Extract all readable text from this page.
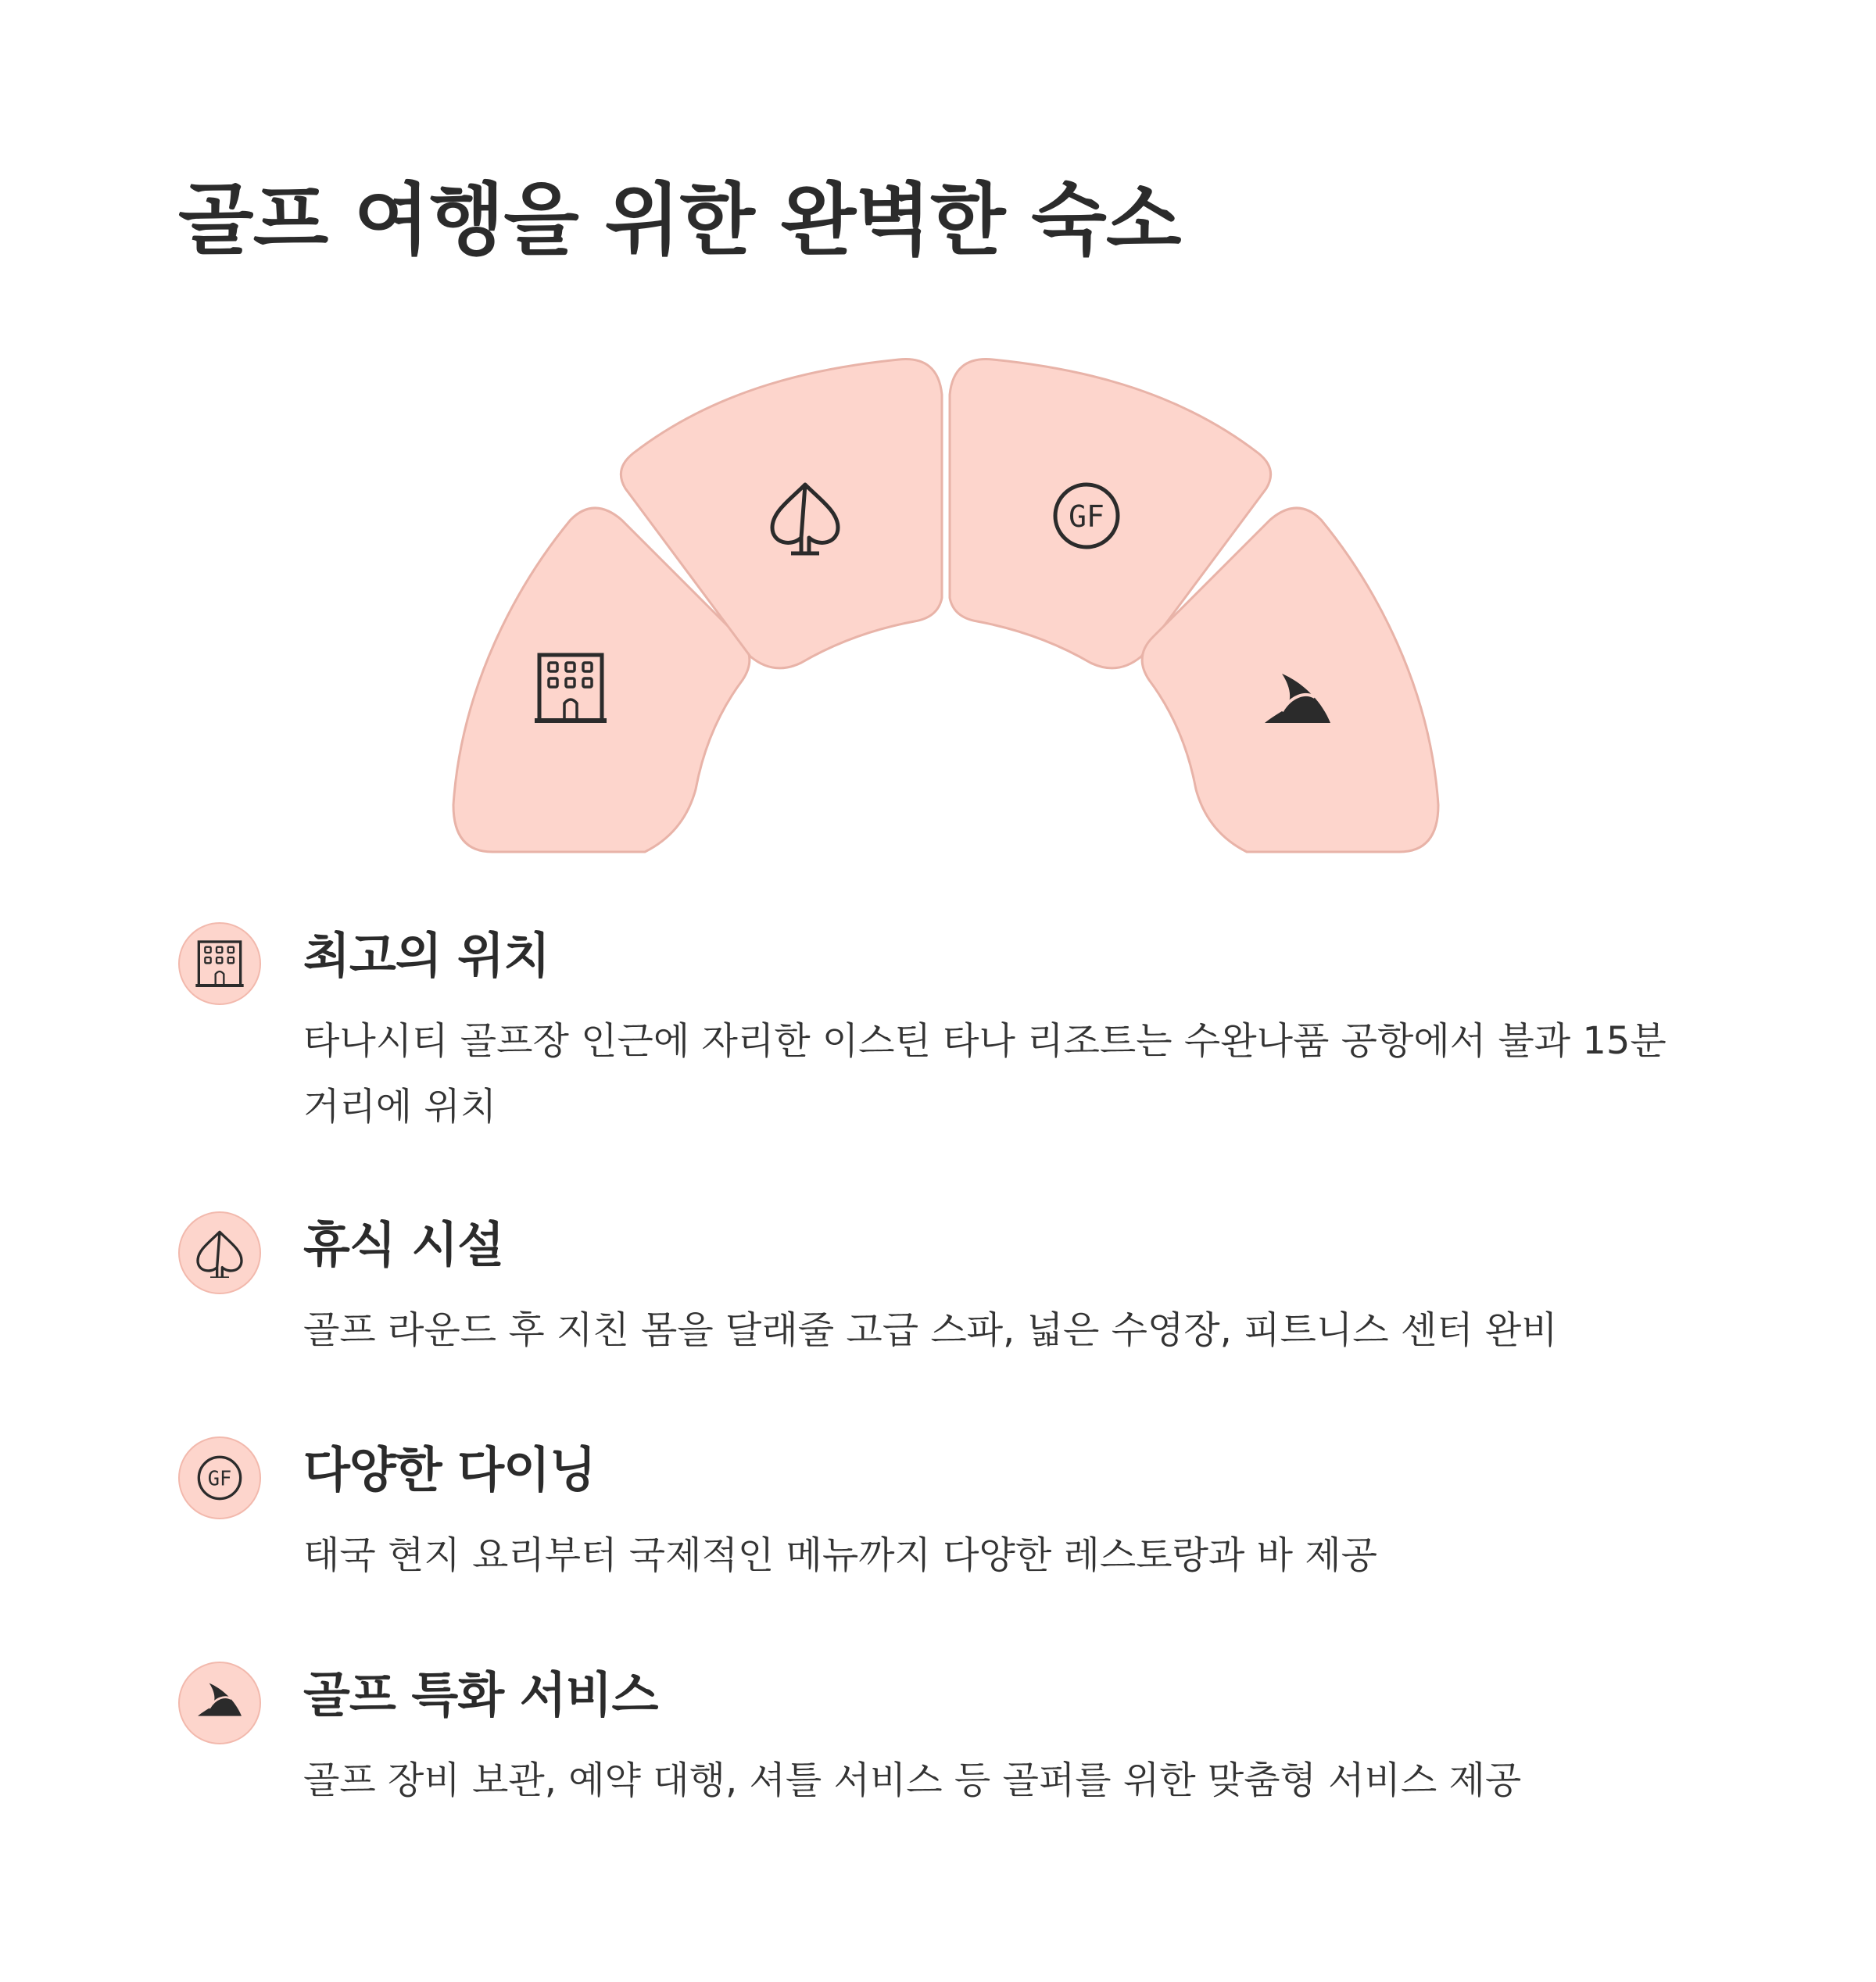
골프 여행을 위한 완벽한 숙소
GF
최고의 위치

타나시티 골프장 인근에 자리한 이스틴 타나 리조트는 수완나품 공항에서 불과 15분 거리에 위치

휴식 시설

골프 라운드 후 지친 몸을 달래줄 고급 스파, 넓은 수영장, 피트니스 센터 완비

GF 다양한 다이닝

태국 현지 요리부터 국제적인 메뉴까지 다양한 레스토랑과 바 제공

골프 특화 서비스

골프 장비 보관, 예약 대행, 셔틀 서비스 등 골퍼를 위한 맞춤형 서비스 제공
